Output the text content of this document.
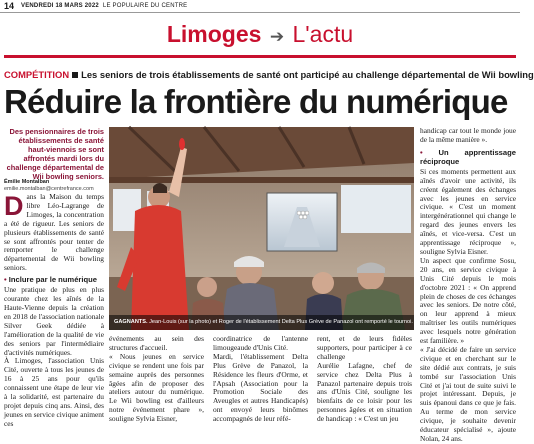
14 VENDREDI 18 MARS 2022 LE POPULAIRE DU CENTRE
Limoges ➔ L'actu
COMPÉTITION Les seniors de trois établissements de santé ont participé au challenge départemental de Wii bowling
Réduire la frontière du numérique

Des pensionnaires de trois établissements de santé haut-viennois se sont affrontés mardi lors du challenge départemental de Wii bowling seniors.

Émilie Montalban
emilie.montalban@centrefrance.com

Dans la Maison du temps libre Léo-Lagrange de Limoges, la concentration a été de rigueur. Les seniors de plusieurs établissements de santé se sont affrontés pour tenter de remporter le challenge départemental de Wii bowling seniors.

• Inclure par le numérique

Une pratique de plus en plus courante chez les aînés de la Haute-Vienne depuis la création en 2018 de l'association nationale Silver Geek dédiée à l'amélioration de la qualité de vie des seniors par l'intermédiaire d'activités numériques.

À Limoges, l'association Unis Cité, ouverte à tous les jeunes de 16 à 25 ans pour qu'ils connaissent une étape de leur vie à la solidarité, est partenaire du projet depuis cinq ans. Ainsi, des jeunes en service civique animent ces

GAGNANTS. Jean-Louis (sur la photo) et Roger de l'établissement Delta Plus Grève de Panazol ont remporté le tournoi.

événements au sein des structures d'accueil.

« Nous jeunes en service civique se rendent une fois par semaine auprès des personnes âgées afin de proposer des ateliers autour du numérique. Le Wii bowling est d'ailleurs notre événement phare », souligne Sylvia Eisner,

coordinatrice de l'antenne limougeaude d'Unis Cité.

Mardi, l'établissement Delta Plus Grève de Panazol, la Résidence les fleurs d'Orme, et l'Apsah (Association pour la Promotion Sociale des Aveugles et autres Handicapés) ont envoyé leurs binômes accompagnés de leur réfé-

rent, et de leurs fidèles supporters, pour participer à ce challenge

Aurélie Lafagne, chef de service chez Delta Plus à Panazol partenaire depuis trois ans d'Unis Cité, souligne les bienfaits de ce loisir pour les personnes âgées et en situation de handicap : « C'est un jeu

handicap car tout le monde joue de la même manière ».

• Un apprentissage réciproque

Si ces moments permettent aux aînés d'avoir une activité, ils créent également des échanges avec les jeunes en service civique. « C'est un moment intergénérationnel qui change le regard des jeunes envers les aînés, et vice-versa. C'est un apprentissage réciproque », souligne Sylvia Eisner.

Un aspect que confirme Sosu, 20 ans, en service civique à Unis Cité depuis le mois d'octobre 2021 : « On apprend plein de choses de ces échanges avec les seniors. De notre côté, on leur apprend à mieux maîtriser les outils numériques avec lesquels notre génération est familière. »

« J'ai décidé de faire un service civique et en cherchant sur le site dédié aux contrats, je suis tombé sur l'association Unis Cité et j'ai tout de suite suivi le projet intéressant. Depuis, je suis épanoui dans ce que je fais. Au terme de mon service civique, je souhaite devenir éducateur spécialisé », ajoute Nolan, 24 ans.
